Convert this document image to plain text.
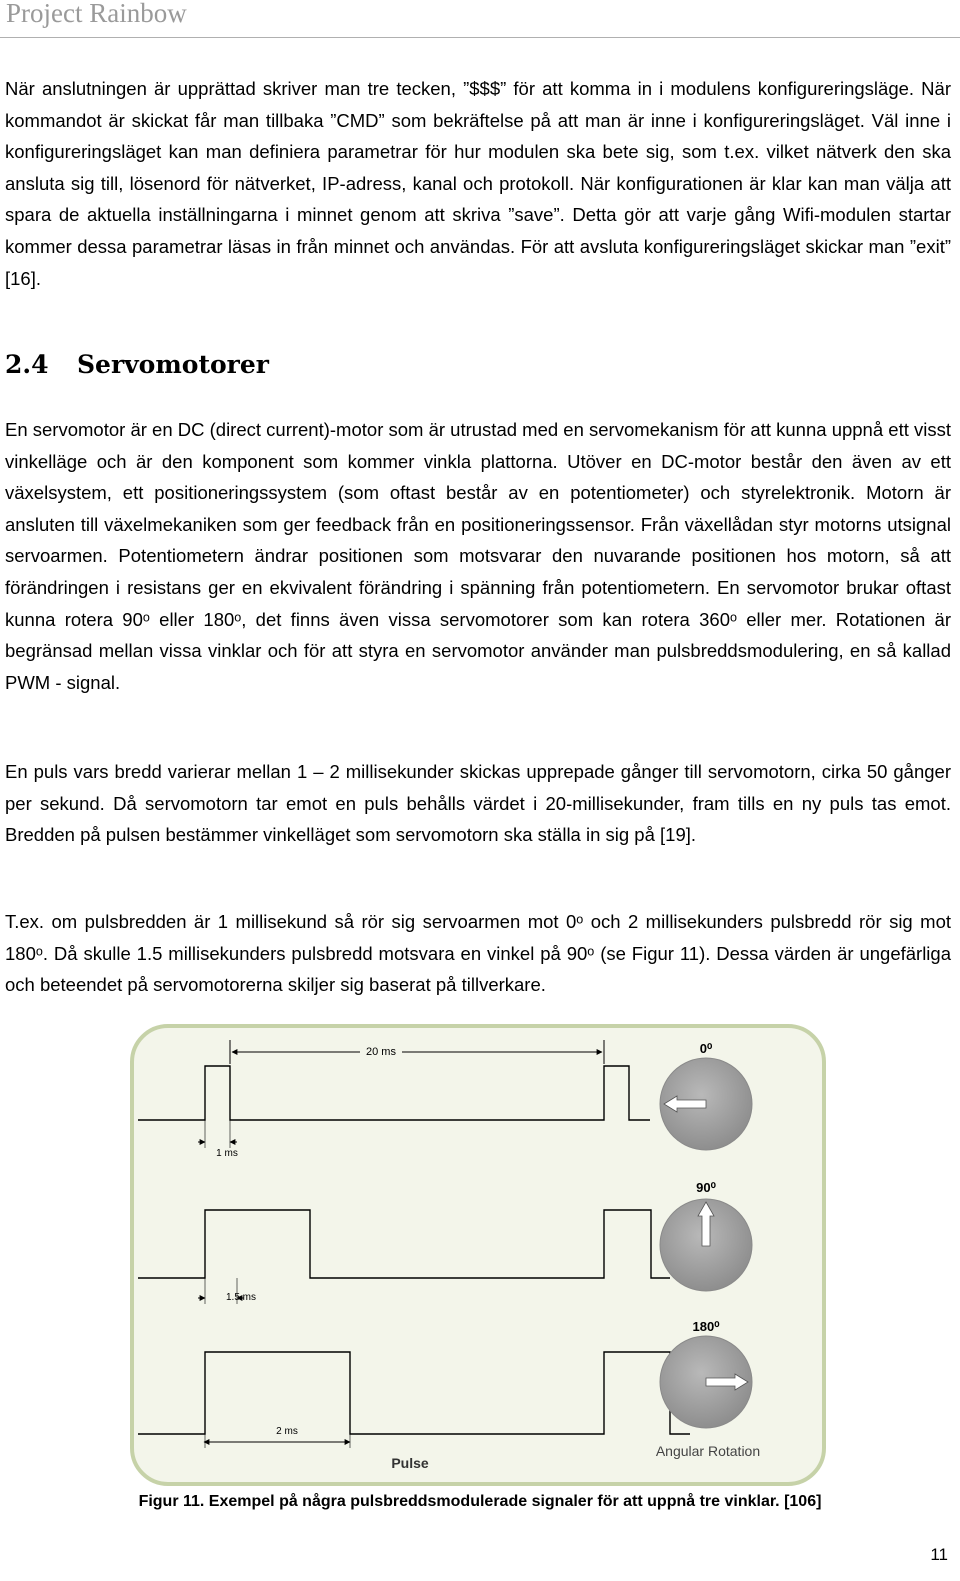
Project Rainbow

När anslutningen är upprättad skriver man tre tecken, ”$$$” för att komma in i modulens konfigureringsläge. När kommandot är skickat får man tillbaka ”CMD” som bekräftelse på att man är inne i konfigureringsläget. Väl inne i konfigureringsläget kan man definiera parametrar för hur modulen ska bete sig, som t.ex. vilket nätverk den ska ansluta sig till, lösenord för nätverket, IP-adress, kanal och protokoll. När konfigurationen är klar kan man välja att spara de aktuella inställningarna i minnet genom att skriva ”save”. Detta gör att varje gång Wifi-modulen startar kommer dessa parametrar läsas in från minnet och användas. För att avsluta konfigureringsläget skickar man ”exit” [16].

2.4 Servomotorer

En servomotor är en DC (direct current)-motor som är utrustad med en servomekanism för att kunna uppnå ett visst vinkelläge och är den komponent som kommer vinkla plattorna. Utöver en DC-motor består den även av ett växelsystem, ett positioneringssystem (som oftast består av en potentiometer) och styrelektronik. Motorn är ansluten till växelmekaniken som ger feedback från en positioneringssensor. Från växellådan styr motorns utsignal servoarmen. Potentiometern ändrar positionen som motsvarar den nuvarande positionen hos motorn, så att förändringen i resistans ger en ekvivalent förändring i spänning från potentiometern. En servomotor brukar oftast kunna rotera 90ᵒ eller 180ᵒ, det finns även vissa servomotorer som kan rotera 360ᵒ eller mer. Rotationen är begränsad mellan vissa vinklar och för att styra en servomotor använder man pulsbreddsmodulering, en så kallad PWM - signal.

En puls vars bredd varierar mellan 1 – 2 millisekunder skickas upprepade gånger till servomotorn, cirka 50 gånger per sekund. Då servomotorn tar emot en puls behålls värdet i 20-millisekunder, fram tills en ny puls tas emot. Bredden på pulsen bestämmer vinkelläget som servomotorn ska ställa in sig på [19].

T.ex. om pulsbredden är 1 millisekund så rör sig servoarmen mot 0ᵒ och 2 millisekunders pulsbredd rör sig mot 180ᵒ. Då skulle 1.5 millisekunders pulsbredd motsvara en vinkel på 90ᵒ (se Figur 11). Dessa värden är ungefärliga och beteendet på servomotorerna skiljer sig baserat på tillverkare.

20 ms
1 ms
1.5 ms
2 ms
0⁰
90⁰
180⁰
Pulse
Angular Rotation
Figur 11. Exempel på några pulsbreddsmodulerade signaler för att uppnå tre vinklar. [106]
11
